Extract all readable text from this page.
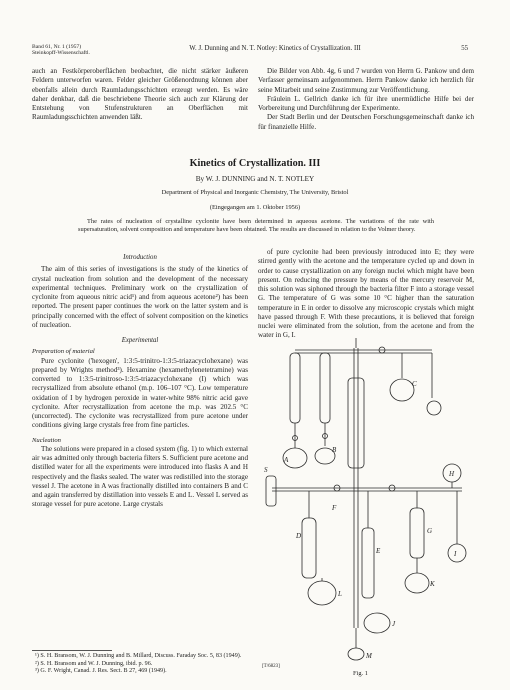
Band 61, Nr. 1 (1957)
Steinkopff-Wissenschaftl.
W. J. Dunning and N. T. Notley: Kinetics of Crystallization. III	55

auch an Festkörperoberflächen beobachtet, die nicht stärker äußeren Feldern unterworfen waren. Felder gleicher Größenordnung können aber ebenfalls allein durch Raumladungsschichten erzeugt werden. Es wäre daher denkbar, daß die beschriebene Theorie sich auch zur Klärung der Entstehung von Stufenstrukturen an Oberflächen mit Raumladungsschichten anwenden läßt.

Die Bilder von Abb. 4g, 6 und 7 wurden von Herrn G. Pankow und dem Verfasser gemeinsam aufgenommen. Herrn Pankow danke ich herzlich für seine Mitarbeit und seine Zustimmung zur Veröffentlichung.

Fräulein L. Gellrich danke ich für ihre unermüdliche Hilfe bei der Vorbereitung und Durchführung der Experimente.

Der Stadt Berlin und der Deutschen Forschungsgemeinschaft danke ich für finanzielle Hilfe.

Kinetics of Crystallization. III
By W. J. DUNNING and N. T. NOTLEY
Department of Physical and Inorganic Chemistry, The University, Bristol
(Eingegangen am 1. Oktober 1956)

The rates of nucleation of crystalline cyclonite have been determined in aqueous acetone. The variations of the rate with supersaturation, solvent composition and temperature have been obtained. The results are discussed in relation to the Volmer theory.

Introduction

The aim of this series of investigations is the study of the kinetics of crystal nucleation from solution and the development of the necessary experimental techniques. Preliminary work on the crystallization of cyclonite from aqueous nitric acid¹) and from aqueous acetone²) has been reported. The present paper continues the work on the latter system and is principally concerned with the effect of solvent composition on the kinetics of nucleation.

Experimental

Preparation of material

Pure cyclonite ('hexogen', 1:3:5-trinitro-1:3:5-triazacyclohexane) was prepared by Wrights method³). Hexamine (hexamethylenetetramine) was converted to 1:3:5-trinitroso-1:3:5-triazacyclohexane (I) which was recrystallized from absolute ethanol (m.p. 106–107 °C). Low temperature oxidation of I by hydrogen peroxide in water-white 98% nitric acid gave cyclonite. After recrystallization from acetone the m.p. was 202.5 °C (uncorrected). The cyclonite was recrystallized from pure acetone under conditions giving large crystals free from fine particles.

Nucleation

The solutions were prepared in a closed system (fig. 1) to which external air was admitted only through bacteria filters S. Sufficient pure acetone and distilled water for all the experiments were introduced into flasks A and H respectively and the flasks sealed. The water was redistilled into the storage vessel J. The acetone in A was fractionally distilled into containers B and C and again transferred by distillation into vessels E and L. Vessel L served as storage vessel for pure acetone. Large crystals

¹) S. H. Bransom, W. J. Dunning and B. Millard, Discuss. Faraday Soc. 5, 83 (1949).

²) S. H. Bransom and W. J. Dunning, ibid. p. 96.

³) G. F. Wright, Canad. J. Res. Sect. B 27, 469 (1949).

of pure cyclonite had been previously introduced into E; they were stirred gently with the acetone and the temperature cycled up and down in order to cause crystallization on any foreign nuclei which might have been present. On reducing the pressure by means of the mercury reservoir M, this solution was siphoned through the bacteria filter F into a storage vessel G. The temperature of G was some 10 °C higher than the saturation temperature in E in order to dissolve any microscopic crystals which might have passed through F. With these precautions, it is believed that foreign nuclei were eliminated from the solution, from the acetone and from the water in G, I.

A
B
C
D
E
F
G
H
I
J
K
L
M
S
[T/6823]
Fig. 1
